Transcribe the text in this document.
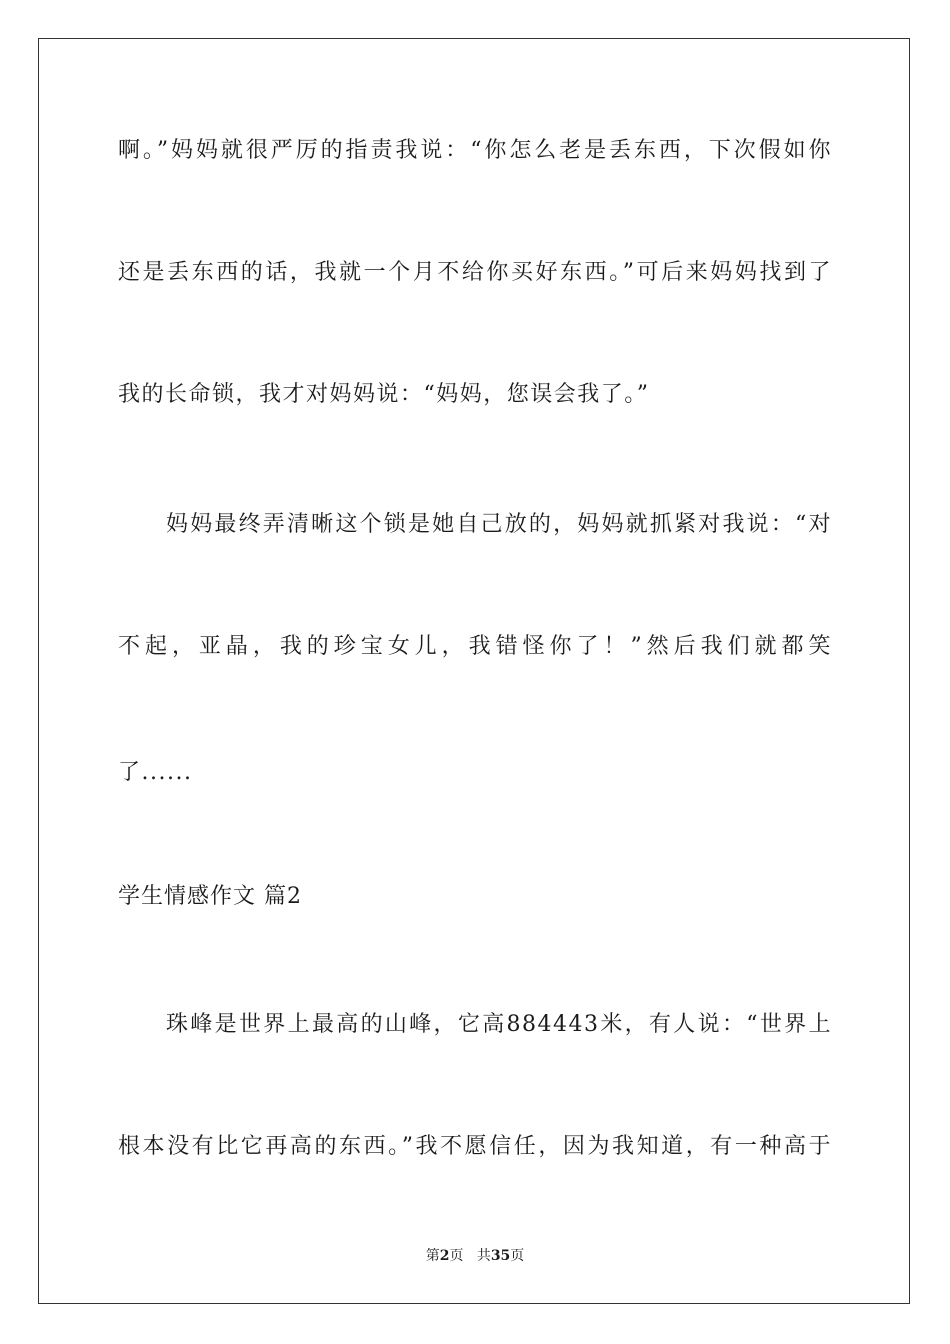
啊。”妈妈就很严厉的指责我说：“你怎么老是丢东西，下次假如你
还是丢东西的话，我就一个月不给你买好东西。”可后来妈妈找到了
我的长命锁，我才对妈妈说：“妈妈，您误会我了。”
妈妈最终弄清晰这个锁是她自己放的，妈妈就抓紧对我说：“对
不起，亚晶，我的珍宝女儿，我错怪你了！”然后我们就都笑
了......
学生情感作文 篇2
珠峰是世界上最高的山峰，它高884443米，有人说：“世界上
根本没有比它再高的东西。”我不愿信任，因为我知道，有一种高于
第2页 共35页
